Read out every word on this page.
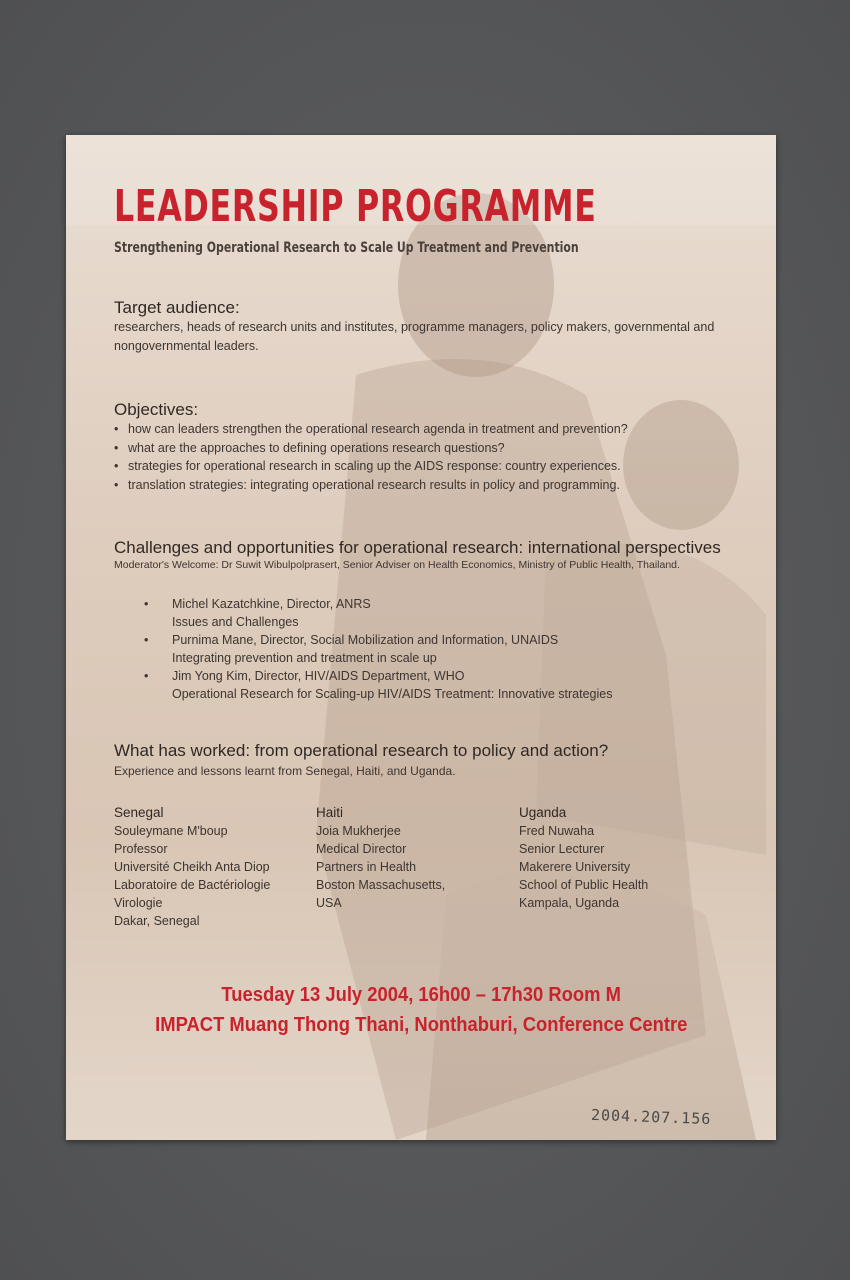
LEADERSHIP PROGRAMME
Strengthening Operational Research to Scale Up Treatment and Prevention
Target audience:
researchers, heads of research units and institutes, programme managers, policy makers, governmental and
nongovernmental leaders.
Objectives:
• how can leaders strengthen the operational research agenda in treatment and prevention?
• what are the approaches to defining operations research questions?
• strategies for operational research in scaling up the AIDS response: country experiences.
• translation strategies: integrating operational research results in policy and programming.
Challenges and opportunities for operational research: international perspectives
Moderator's Welcome: Dr Suwit Wibulpolprasert, Senior Adviser on Health Economics, Ministry of Public Health, Thailand.
• Michel Kazatchkine, Director, ANRS
Issues and Challenges
• Purnima Mane, Director, Social Mobilization and Information, UNAIDS
Integrating prevention and treatment in scale up
• Jim Yong Kim, Director, HIV/AIDS Department, WHO
Operational Research for Scaling-up HIV/AIDS Treatment: Innovative strategies
What has worked: from operational research to policy and action?
Experience and lessons learnt from Senegal, Haiti, and Uganda.
Senegal
Souleymane M'boup
Professor
Université Cheikh Anta Diop
Laboratoire de Bactériologie
Virologie
Dakar, Senegal
Haiti
Joia Mukherjee
Medical Director
Partners in Health
Boston Massachusetts,
USA
Uganda
Fred Nuwaha
Senior Lecturer
Makerere University
School of Public Health
Kampala, Uganda
Tuesday 13 July 2004, 16h00 – 17h30 Room M
IMPACT Muang Thong Thani, Nonthaburi, Conference Centre
2004.207.156
